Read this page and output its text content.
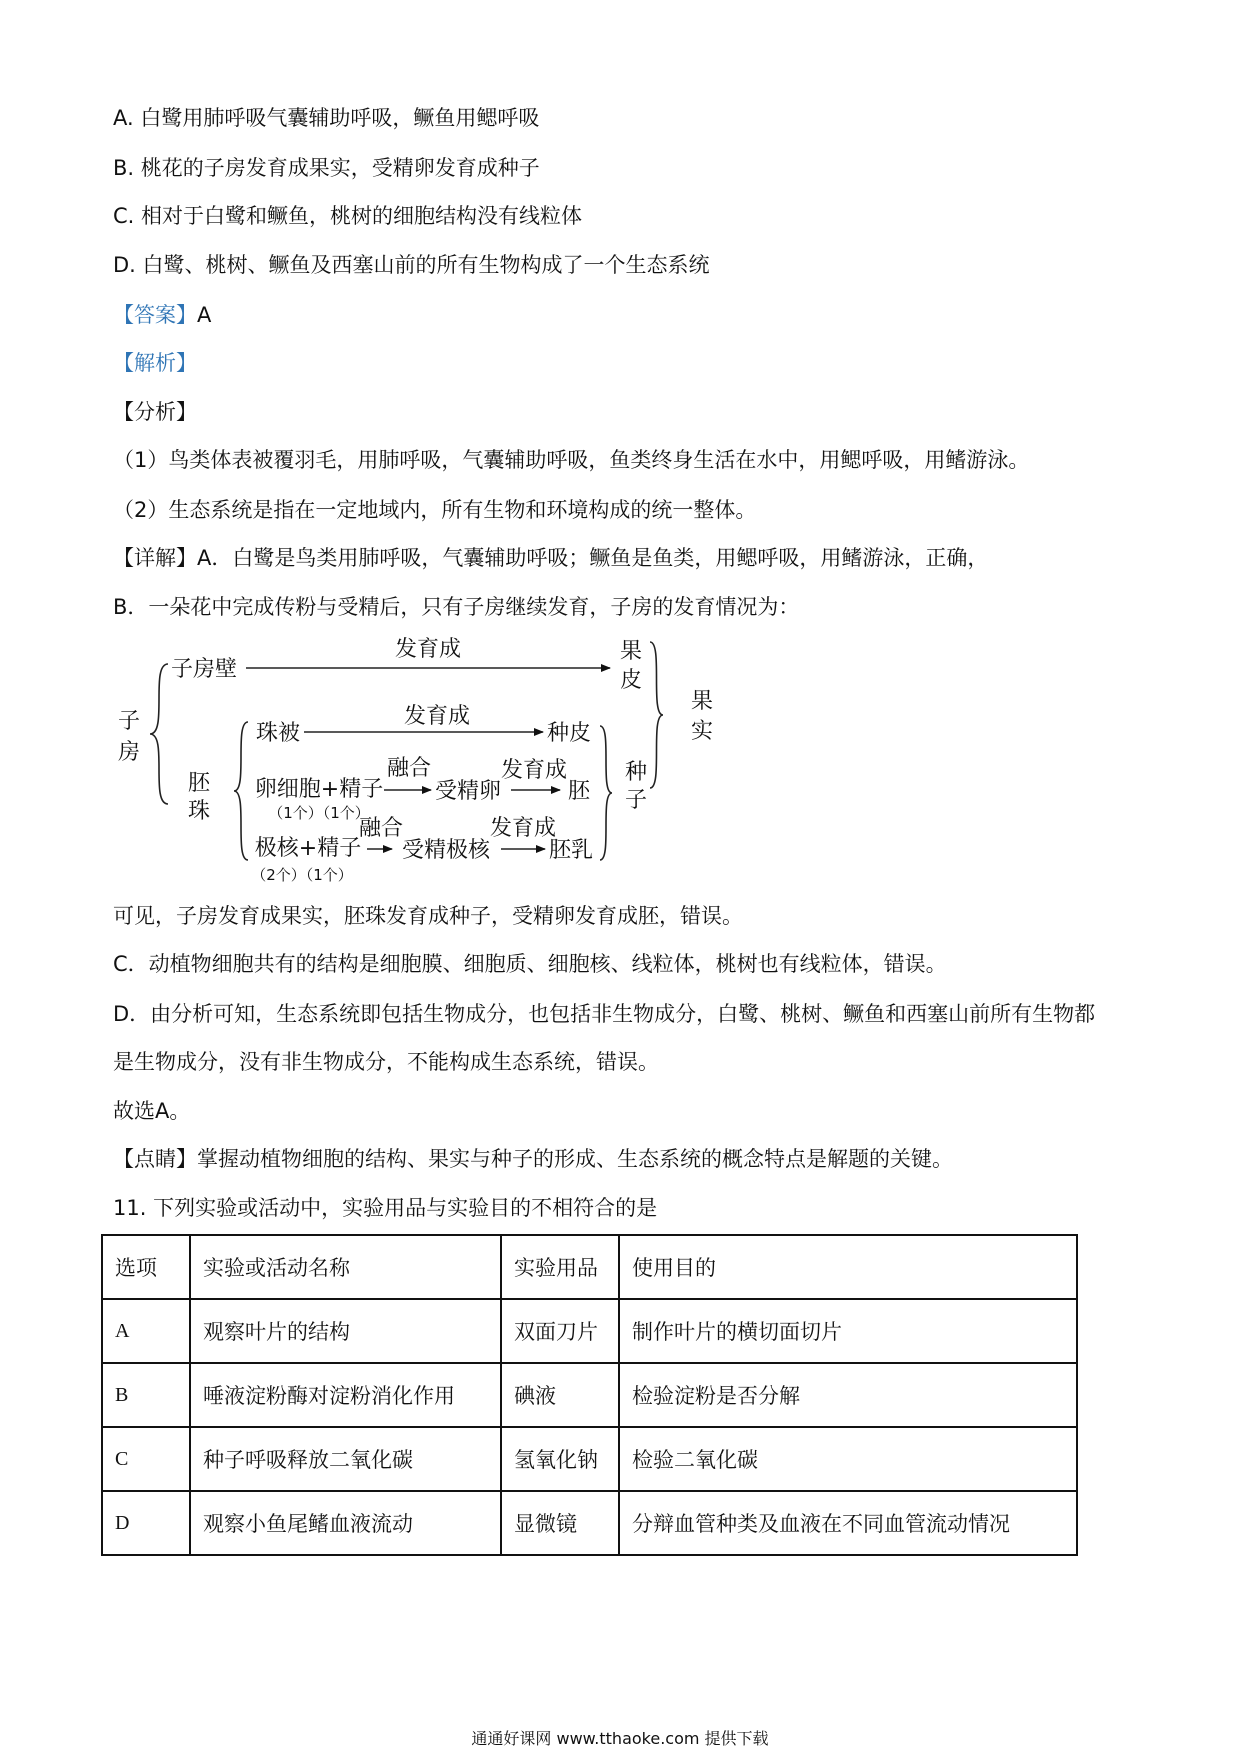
A. 白鹭用肺呼吸气囊辅助呼吸，鳜鱼用鳃呼吸
B. 桃花的子房发育成果实，受精卵发育成种子
C. 相对于白鹭和鳜鱼，桃树的细胞结构没有线粒体
D. 白鹭、桃树、鳜鱼及西塞山前的所有生物构成了一个生态系统
【答案】A
【解析】
【分析】
（1）鸟类体表被覆羽毛，用肺呼吸，气囊辅助呼吸，鱼类终身生活在水中，用鳃呼吸，用鳍游泳。
（2）生态系统是指在一定地域内，所有生物和环境构成的统一整体。
【详解】A．白鹭是鸟类用肺呼吸，气囊辅助呼吸；鳜鱼是鱼类，用鳃呼吸，用鳍游泳，正确，
B．一朵花中完成传粉与受精后，只有子房继续发育，子房的发育情况为：
子房壁
发育成	果
皮
果
实
子
房
胚
珠
珠被
发育成
种皮
卵细胞+精子
（1个）（1个）
融合
受精卵
发育成
胚
极核+精子
（2个）（1个）
融合
受精极核
发育成
胚乳
种
子
可见，子房发育成果实，胚珠发育成种子，受精卵发育成胚，错误。
C．动植物细胞共有的结构是细胞膜、细胞质、细胞核、线粒体，桃树也有线粒体，错误。
D．由分析可知，生态系统即包括生物成分，也包括非生物成分，白鹭、桃树、鳜鱼和西塞山前所有生物都
是生物成分，没有非生物成分，不能构成生态系统，错误。
故选A。
【点睛】掌握动植物细胞的结构、果实与种子的形成、生态系统的概念特点是解题的关键。
11. 下列实验或活动中，实验用品与实验目的不相符合的是
选项	实验或活动名称	实验用品	使用目的
A	观察叶片的结构	双面刀片	制作叶片的横切面切片
B	唾液淀粉酶对淀粉消化作用	碘液	检验淀粉是否分解
C	种子呼吸释放二氧化碳	氢氧化钠	检验二氧化碳
D	观察小鱼尾鳍血液流动	显微镜	分辩血管种类及血液在不同血管流动情况
通通好课网 www.tthaoke.com 提供下载
